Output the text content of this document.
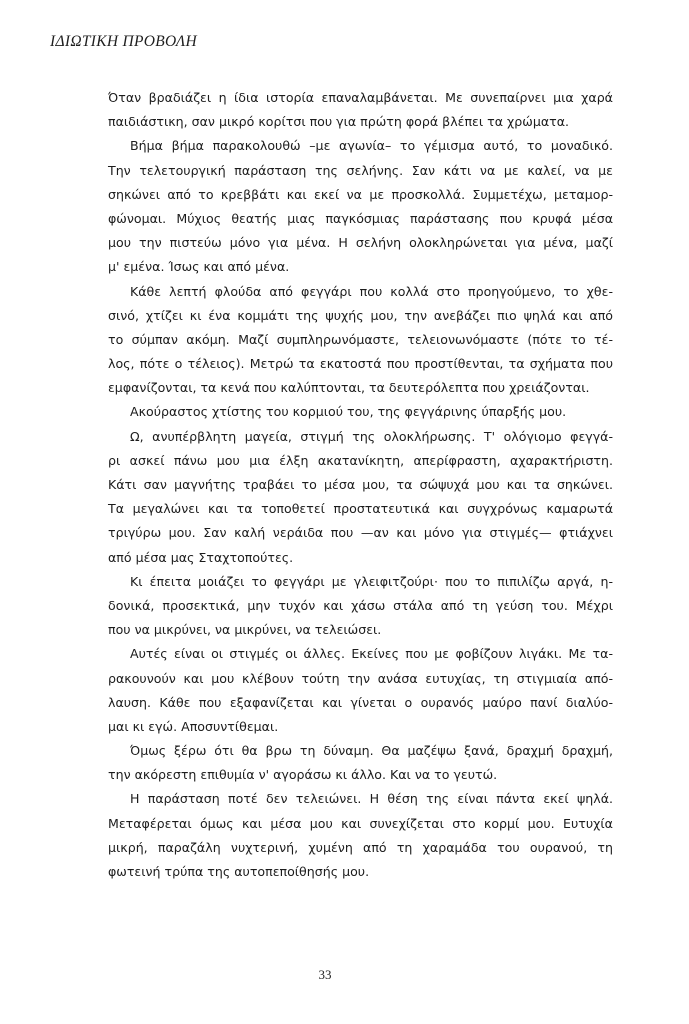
ΙΔΙΩΤΙΚΗ ΠΡΟΒΟΛΗ
Όταν βραδιάζει η ίδια ιστορία επαναλαμβάνεται. Με συνεπαίρνει μια χαρά
παιδιάστικη, σαν μικρό κορίτσι που για πρώτη φορά βλέπει τα χρώματα.
Βήμα βήμα παρακολουθώ –με αγωνία– το γέμισμα αυτό, το μοναδικό.
Την τελετουργική παράσταση της σελήνης. Σαν κάτι να με καλεί, να με
σηκώνει από το κρεββάτι και εκεί να με προσκολλά. Συμμετέχω, μεταμορ-
φώνομαι. Μύχιος θεατής μιας παγκόσμιας παράστασης που κρυφά μέσα
μου την πιστεύω μόνο για μένα. Η σελήνη ολοκληρώνεται για μένα, μαζί
μ' εμένα. Ίσως και από μένα.
Κάθε λεπτή φλούδα από φεγγάρι που κολλά στο προηγούμενο, το χθε-
σινό, χτίζει κι ένα κομμάτι της ψυχής μου, την ανεβάζει πιο ψηλά και από
το σύμπαν ακόμη. Μαζί συμπληρωνόμαστε, τελειονωνόμαστε (πότε το τέ-
λος, πότε ο τέλειος). Μετρώ τα εκατοστά που προστίθενται, τα σχήματα που
εμφανίζονται, τα κενά που καλύπτονται, τα δευτερόλεπτα που χρειάζονται.
Ακούραστος χτίστης του κορμιού του, της φεγγάρινης ύπαρξής μου.
Ω, ανυπέρβλητη μαγεία, στιγμή της ολοκλήρωσης. Τ' ολόγιομο φεγγά-
ρι ασκεί πάνω μου μια έλξη ακατανίκητη, απερίφραστη, αχαρακτήριστη.
Κάτι σαν μαγνήτης τραβάει το μέσα μου, τα σώψυχά μου και τα σηκώνει.
Τα μεγαλώνει και τα τοποθετεί προστατευτικά και συγχρόνως καμαρωτά
τριγύρω μου. Σαν καλή νεράιδα που —αν και μόνο για στιγμές— φτιάχνει
από μέσα μας Σταχτοπούτες.
Κι έπειτα μοιάζει το φεγγάρι με γλειφιτζούρι· που το πιπιλίζω αργά, η-
δονικά, προσεκτικά, μην τυχόν και χάσω στάλα από τη γεύση του. Μέχρι
που να μικρύνει, να μικρύνει, να τελειώσει.
Αυτές είναι οι στιγμές οι άλλες. Εκείνες που με φοβίζουν λιγάκι. Με τα-
ρακουνούν και μου κλέβουν τούτη την ανάσα ευτυχίας, τη στιγμιαία από-
λαυση. Κάθε που εξαφανίζεται και γίνεται ο ουρανός μαύρο πανί διαλύο-
μαι κι εγώ. Αποσυντίθεμαι.
Όμως ξέρω ότι θα βρω τη δύναμη. Θα μαζέψω ξανά, δραχμή δραχμή,
την ακόρεστη επιθυμία ν' αγοράσω κι άλλο. Και να το γευτώ.
Η παράσταση ποτέ δεν τελειώνει. Η θέση της είναι πάντα εκεί ψηλά.
Μεταφέρεται όμως και μέσα μου και συνεχίζεται στο κορμί μου. Ευτυχία
μικρή, παραζάλη νυχτερινή, χυμένη από τη χαραμάδα του ουρανού, τη
φωτεινή τρύπα της αυτοπεποίθησής μου.
33
